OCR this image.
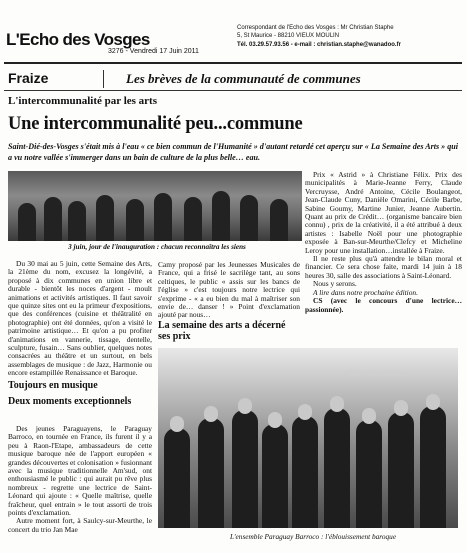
L'Echo des Vosges
3276 - Vendredi 17 Juin 2011
Correspondant de l'Echo des Vosges : Mr Christian Staphe
5, St Maurice - 88210 VIEUX MOULIN
Tél. 03.29.57.93.56 - e-mail : christian.staphe@wanadoo.fr
Fraize	Les brèves de la communauté de communes
L'intercommunalité par les arts
Une intercommunalité peu...commune
Saint-Dié-des-Vosges s'était mis à l'eau « ce bien commun de l'Humanité » d'autant retardé cet aperçu sur « La Semaine des Arts » qui a vu notre vallée s'immerger dans un bain de culture de la plus belle… eau.
3 juin, jour de l'inauguration : chacun reconnaîtra les siens

Du 30 mai au 5 juin, cette Semaine des Arts, la 21ème du nom, excusez la longévité, a proposé à dix communes en union libre et durable - bientôt les noces d'argent - moult animations et activités artistiques. Il faut savoir que quinze sites ont eu la primeur d'expositions, que des conférences (cuisine et théâtralité en photographie) ont été données, qu'on a visité le patrimoine artistique… Et qu'on a pu profiter d'animations en vannerie, tissage, dentelle, sculpture, fusain… Sans oublier, quelques notes consacrées au théâtre et un surtout, en bels assemblages de musique : de Jazz, Harmonie ou encore estampillée Renaissance et Baroque.

Toujours en musique
Deux moments exceptionnels

Des jeunes Paraguayens, le Paraguay Barroco, en tournée en France, ils furent il y a peu à Raon-l'Etape, ambassadeurs de cette musique baroque née de l'apport européen « grandes découvertes et colonisation » fusionnant avec la musique traditionnelle Am'sud, ont enthousiasmé le public : qui aurait pu rêve plus nombreux - regrette une lectrice de Saint-Léonard qui ajoute : « Quelle maîtrise, quelle fraîcheur, quel entrain » le tout assorti de trois points d'exclamation.

Autre moment fort, à Saulcy-sur-Meurthe, le concert du trio Jan Mae

Camy proposé par les Jeunesses Musicales de France, qui a frisé le sacrilège tant, au sons celtiques, le public « assis sur les bancs de l'église » c'est toujours notre lectrice qui s'exprime - « a eu bien du mal à maîtriser son envie de… danser ! » Point d'exclamation ajouté par nous…

La semaine des arts a décerné ses prix

Prix « Astrid » à Christiane Félix. Prix des municipalités à Marie-Jeanne Ferry, Claude Vercruysse, André Antoine, Cécile Boulangeot, Jean-Claude Cuny, Danièle Omarini, Cécile Barbe, Sabine Goumy, Martine Junier, Jeanne Aubertin. Quant au prix de Crédit… (organisme bancaire bien connu) , prix de la créativité, il a été attribué à deux artistes : Isabelle Noël pour une photographie exposée à Ban-sur-Meurthe/Clefcy et Micheline Leroy pour une installation…installée à Fraize.

Il ne reste plus qu'à attendre le bilan moral et financier. Ce sera chose faite, mardi 14 juin à 18 heures 30, salle des associations à Saint-Léonard.

Nous y serons.

A lire dans notre prochaine édition.

CS (avec le concours d'une lectrice…passionnée).

Renaissance
L'ensemble Paraguay Barroco : l'éblouissement baroque
